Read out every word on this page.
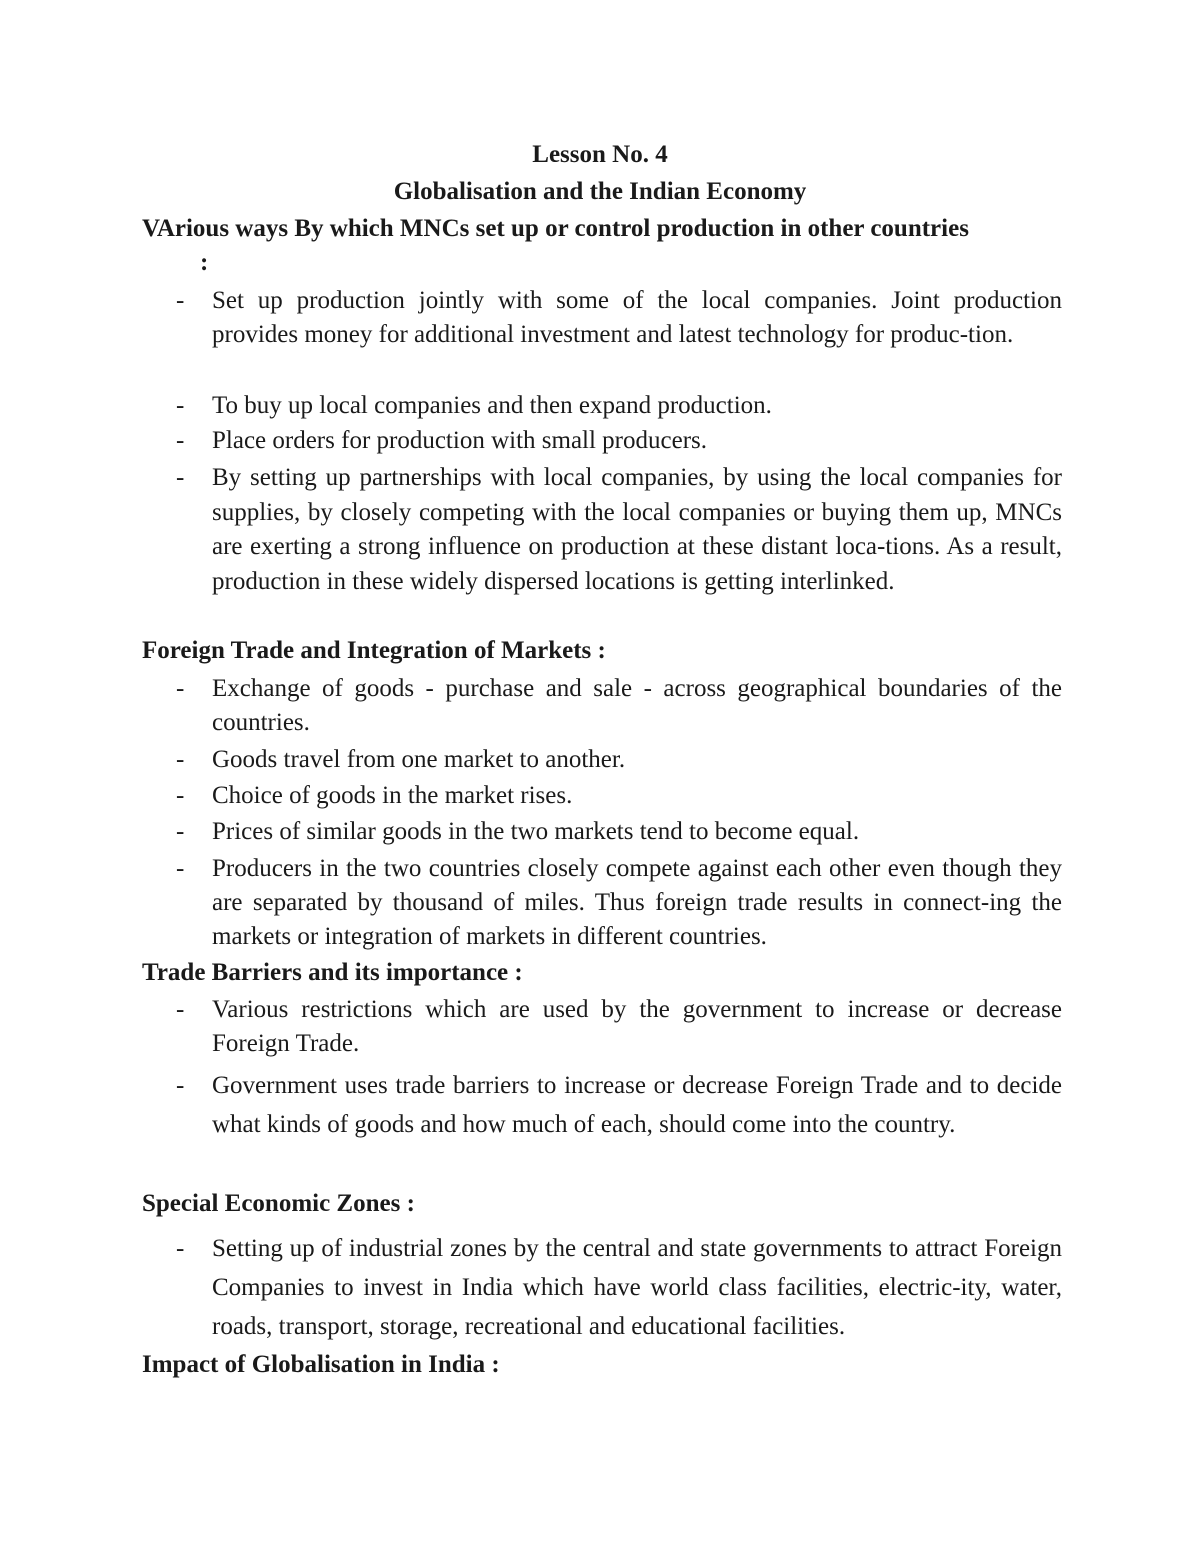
Lesson No. 4
Globalisation and the Indian Economy
VArious ways By which MNCs set up or control production in other countries
:
- Set up production jointly with some of the local companies. Joint production provides money for additional investment and latest technology for produc-tion.
- To buy up local companies and then expand production.
- Place orders for production with small producers.
- By setting up partnerships with local companies, by using the local companies for supplies, by closely competing with the local companies or buying them up, MNCs are exerting a strong influence on production at these distant loca-tions. As a result, production in these widely dispersed locations is getting interlinked.
Foreign Trade and Integration of Markets :
- Exchange of goods - purchase and sale - across geographical boundaries of the countries.
- Goods travel from one market to another.
- Choice of goods in the market rises.
- Prices of similar goods in the two markets tend to become equal.
- Producers in the two countries closely compete against each other even though they are separated by thousand of miles. Thus foreign trade results in connect-ing the markets or integration of markets in different countries.
Trade Barriers and its importance :
- Various restrictions which are used by the government to increase or decrease Foreign Trade.
- Government uses trade barriers to increase or decrease Foreign Trade and to decide what kinds of goods and how much of each, should come into the country.
Special Economic Zones :
- Setting up of industrial zones by the central and state governments to attract Foreign Companies to invest in India which have world class facilities, electric-ity, water, roads, transport, storage, recreational and educational facilities.
Impact of Globalisation in India :
